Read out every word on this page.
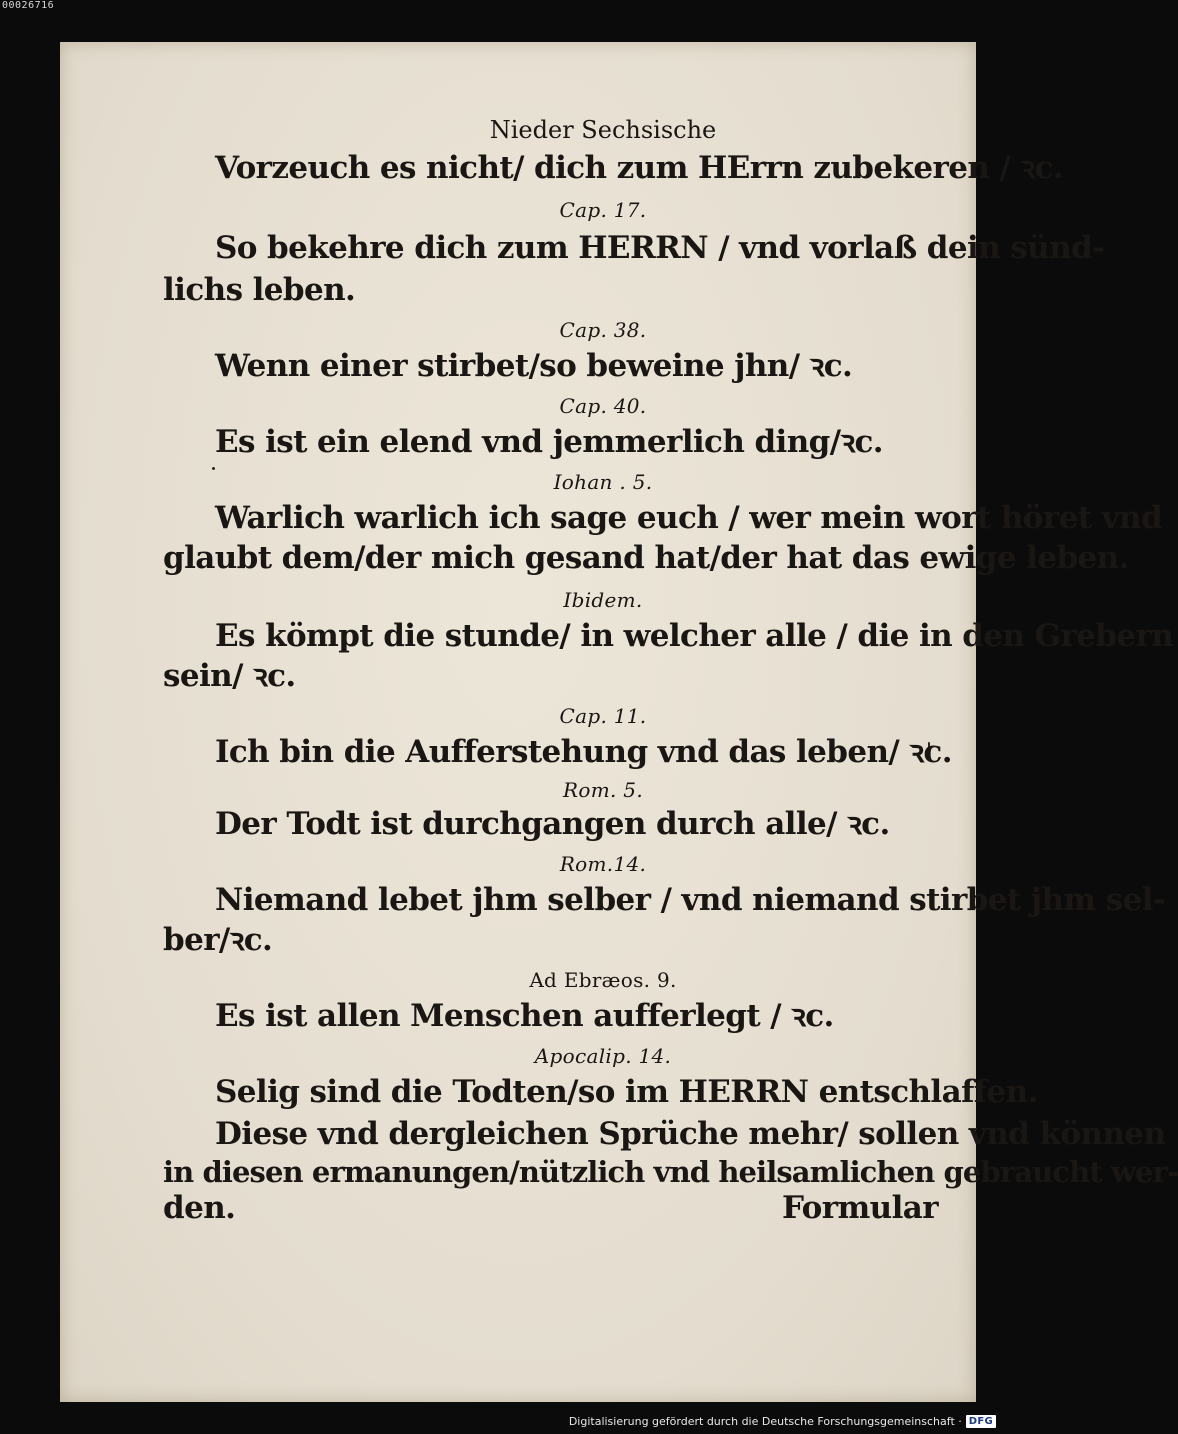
00026716
Nieder Sechsische
Vorzeuch es nicht/ dich zum HErrn zubekeren / ꝛc.
Cap. 17.
So bekehre dich zum HERRN / vnd vorlaß dein sünd-
lichs leben.
Cap. 38.
Wenn einer stirbet/so beweine jhn/ ꝛc.
Cap. 40.
Es ist ein elend vnd jemmerlich ding/ꝛc.
Iohan . 5.
Warlich warlich ich sage euch / wer mein wort höret vnd
glaubt dem/der mich gesand hat/der hat das ewige leben.
Ibidem.
Es kömpt die stunde/ in welcher alle / die in den Grebern
sein/ ꝛc.
Cap. 11.
Ich bin die Aufferstehung vnd das leben/ ꝛc.
Rom. 5.
Der Todt ist durchgangen durch alle/ ꝛc.
Rom.14.
Niemand lebet jhm selber / vnd niemand stirbet jhm sel-
ber/ꝛc.
Ad Ebræos. 9.
Es ist allen Menschen aufferlegt / ꝛc.
Apocalip. 14.
Selig sind die Todten/so im HERRN entschlaffen.
Diese vnd dergleichen Sprüche mehr/ sollen vnd können
in diesen ermanungen/nützlich vnd heilsamlichen gebraucht wer-
den.	Formular
Digitalisierung gefördert durch die Deutsche Forschungsgemeinschaft · DFG
